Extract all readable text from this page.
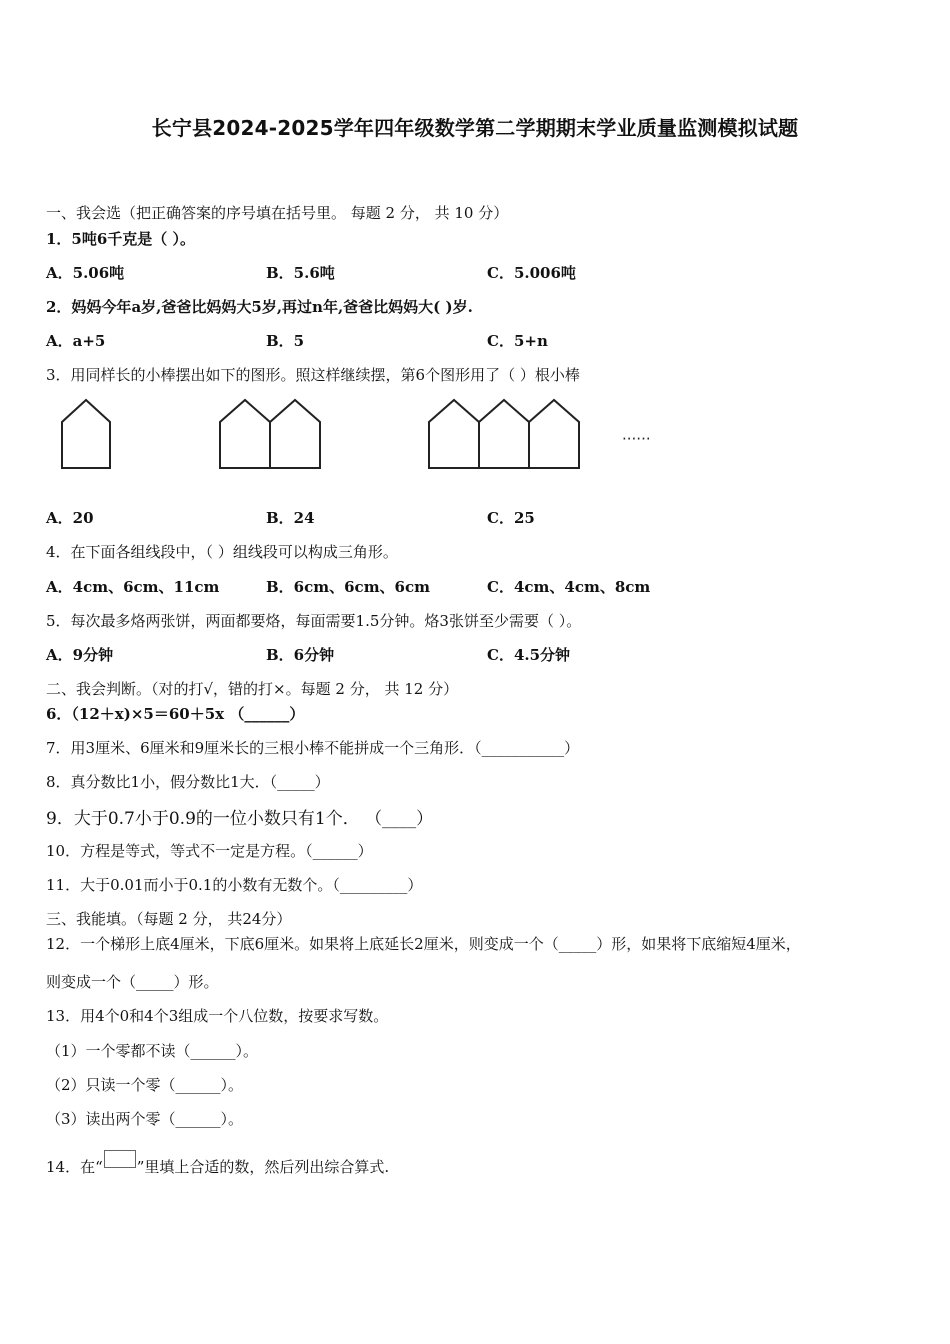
长宁县2024-2025学年四年级数学第二学期期末学业质量监测模拟试题
一、我会选（把正确答案的序号填在括号里。 每题 2 分， 共 10 分）
1．5吨6千克是（ ）。
A．5.06吨	B．5.6吨	C．5.006吨
2．妈妈今年a岁,爸爸比妈妈大5岁,再过n年,爸爸比妈妈大( )岁.
A．a+5	B．5	C．5+n
3．用同样长的小棒摆出如下的图形。照这样继续摆，第6个图形用了（ ）根小棒
······
A．20	B．24	C．25
4．在下面各组线段中，（ ）组线段可以构成三角形。
A．4cm、6cm、11cm	B．6cm、6cm、6cm	C．4cm、4cm、8cm
5．每次最多烙两张饼，两面都要烙，每面需要1.5分钟。烙3张饼至少需要（ ）。
A．9分钟	B．6分钟	C．4.5分钟
二、我会判断。（对的打√，错的打×。每题 2 分， 共 12 分）
6．（12＋x)×5＝60＋5x （______）
7．用3厘米、6厘米和9厘米长的三根小棒不能拼成一个三角形．（___________）
8．真分数比1小，假分数比1大．（_____）
9．大于0.7小于0.9的一位小数只有1个． （____）
10．方程是等式，等式不一定是方程。（______）
11．大于0.01而小于0.1的小数有无数个。（_________）
三、我能填。（每题 2 分， 共24分）
12．一个梯形上底4厘米，下底6厘米。如果将上底延长2厘米，则变成一个（_____）形，如果将下底缩短4厘米，
则变成一个（_____）形。
13．用4个0和4个3组成一个八位数，按要求写数。
（1）一个零都不读（______）。
（2）只读一个零（______）。
（3）读出两个零（______）。
14．在“ ”里填上合适的数，然后列出综合算式.
